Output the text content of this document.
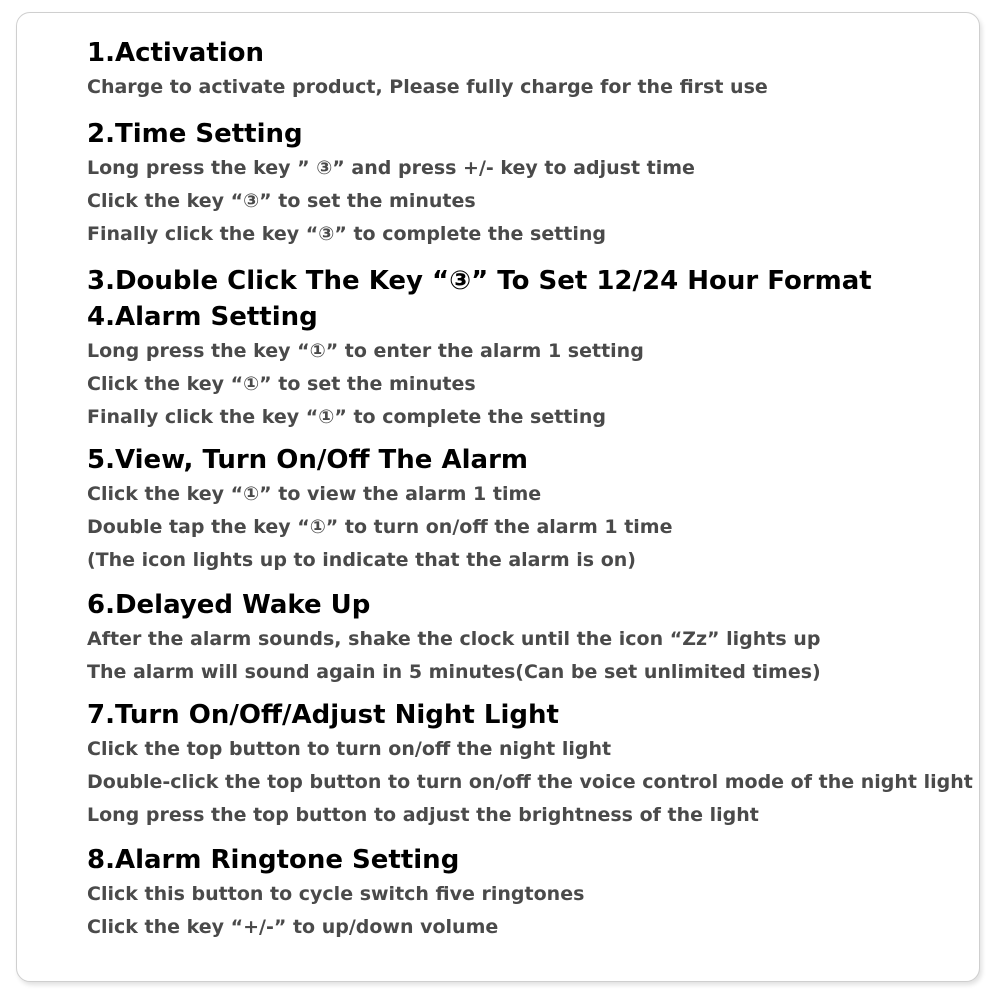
1.Activation
Charge to activate product, Please fully charge for the first use
2.Time Setting
Long press the key ” ③” and press +/- key to adjust time
Click the key “③” to set the minutes
Finally click the key “③” to complete the setting
3.Double Click The Key “③” To Set 12/24 Hour Format
4.Alarm Setting
Long press the key “①” to enter the alarm 1 setting
Click the key “①” to set the minutes
Finally click the key “①” to complete the setting
5.View, Turn On/Off The Alarm
Click the key “①” to view the alarm 1 time
Double tap the key “①” to turn on/off the alarm 1 time
(The icon lights up to indicate that the alarm is on)
6.Delayed Wake Up
After the alarm sounds, shake the clock until the icon “Zz” lights up
The alarm will sound again in 5 minutes(Can be set unlimited times)
7.Turn On/Off/Adjust Night Light
Click the top button to turn on/off the night light
Double-click the top button to turn on/off the voice control mode of the night light
Long press the top button to adjust the brightness of the light
8.Alarm Ringtone Setting
Click this button to cycle switch five ringtones
Click the key “+/-” to up/down volume
